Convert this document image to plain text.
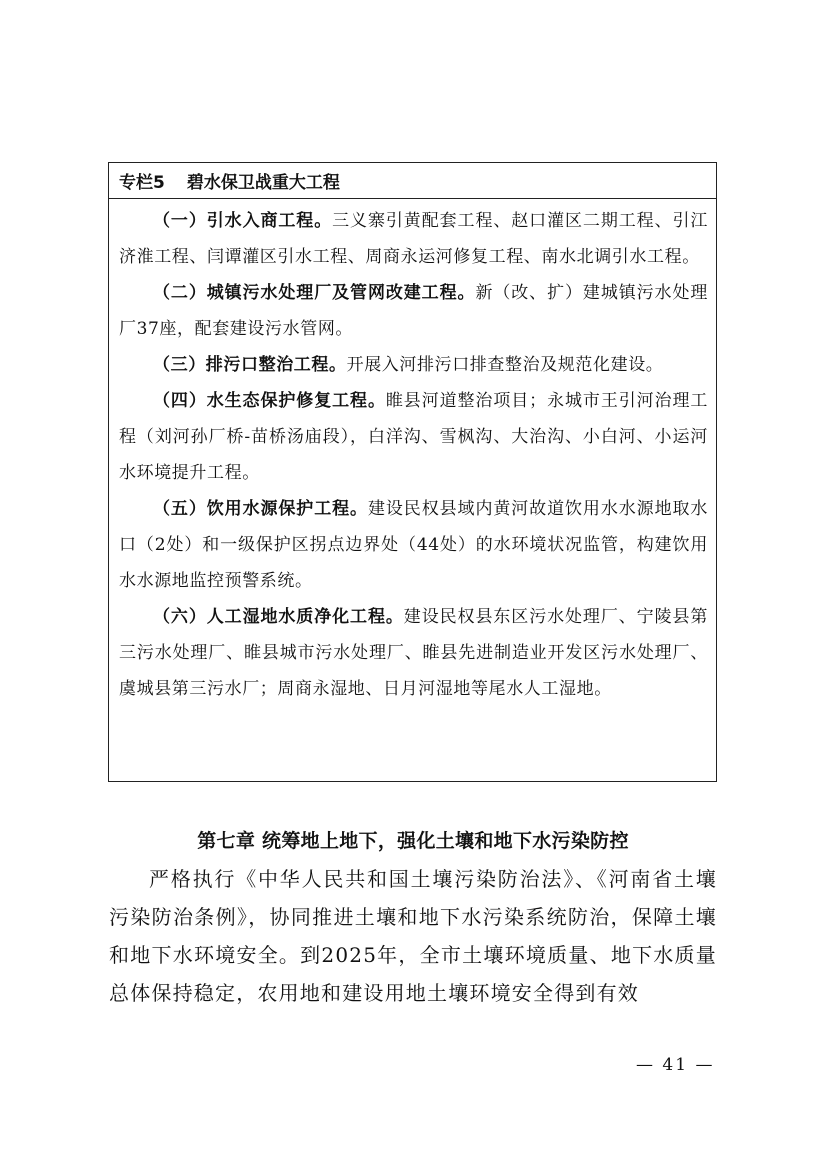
专栏5 碧水保卫战重大工程

（一）引水入商工程。三义寨引黄配套工程、赵口灌区二期工程、引江济淮工程、闫谭灌区引水工程、周商永运河修复工程、南水北调引水工程。

（二）城镇污水处理厂及管网改建工程。新（改、扩）建城镇污水处理厂37座，配套建设污水管网。

（三）排污口整治工程。开展入河排污口排查整治及规范化建设。

（四）水生态保护修复工程。睢县河道整治项目；永城市王引河治理工程（刘河孙厂桥-苗桥汤庙段），白洋沟、雪枫沟、大治沟、小白河、小运河水环境提升工程。

（五）饮用水源保护工程。建设民权县域内黄河故道饮用水水源地取水口（2处）和一级保护区拐点边界处（44处）的水环境状况监管，构建饮用水水源地监控预警系统。

（六）人工湿地水质净化工程。建设民权县东区污水处理厂、宁陵县第三污水处理厂、睢县城市污水处理厂、睢县先进制造业开发区污水处理厂、虞城县第三污水厂；周商永湿地、日月河湿地等尾水人工湿地。

第七章 统筹地上地下，强化土壤和地下水污染防控

严格执行《中华人民共和国土壤污染防治法》、《河南省土壤污染防治条例》，协同推进土壤和地下水污染系统防治，保障土壤和地下水环境安全。到2025年，全市土壤环境质量、地下水质量总体保持稳定，农用地和建设用地土壤环境安全得到有效

— 41 —
